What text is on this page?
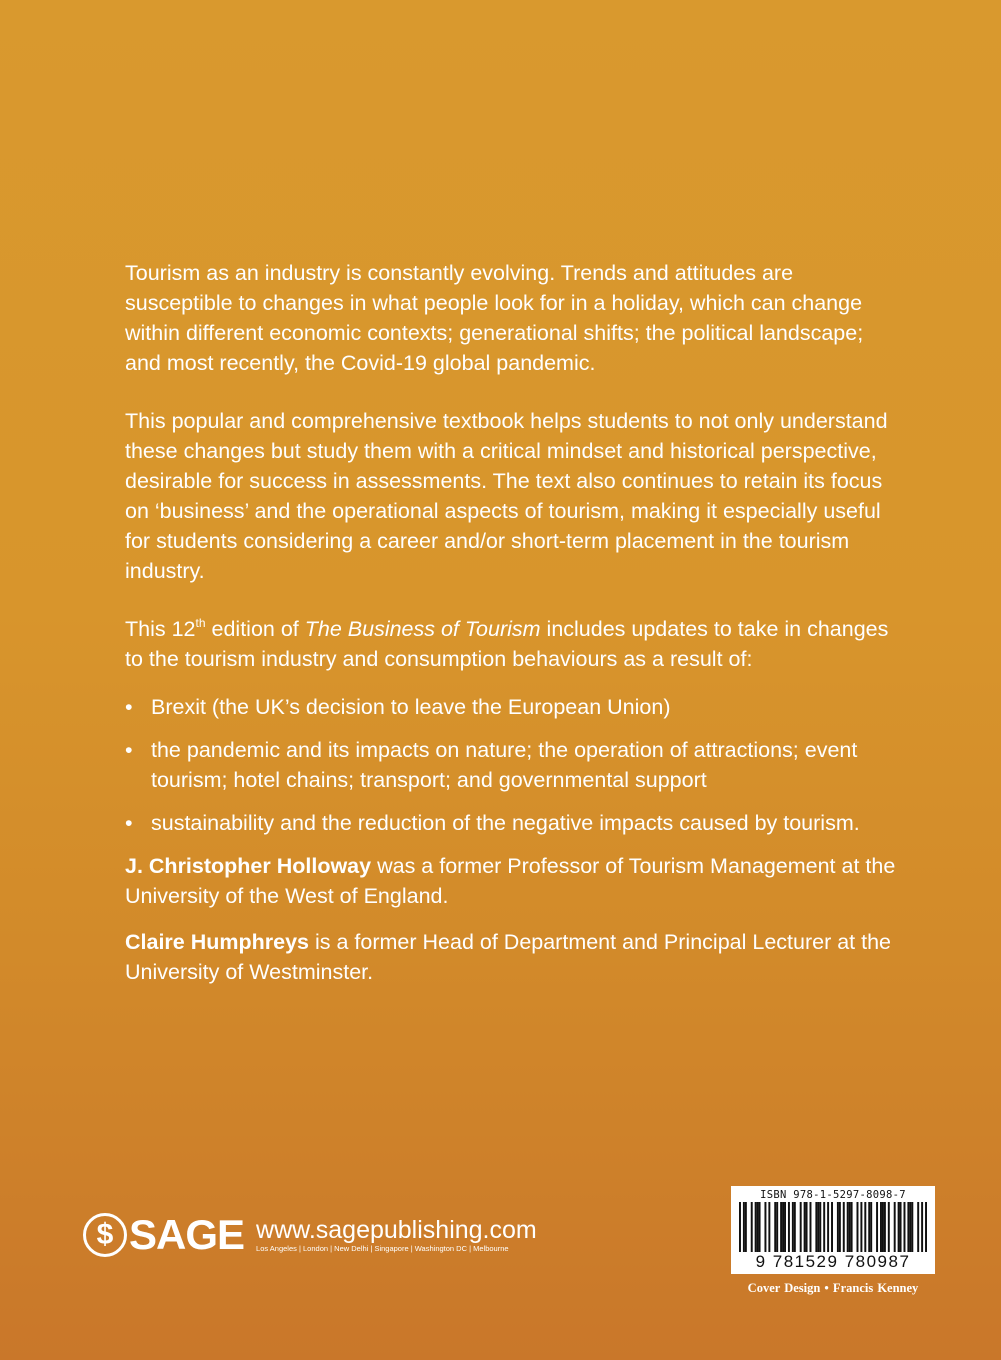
Tourism as an industry is constantly evolving. Trends and attitudes are susceptible to changes in what people look for in a holiday, which can change within different economic contexts; generational shifts; the political landscape; and most recently, the Covid-19 global pandemic.

This popular and comprehensive textbook helps students to not only understand these changes but study them with a critical mindset and historical perspective, desirable for success in assessments. The text also continues to retain its focus on ‘business’ and the operational aspects of tourism, making it especially useful for students considering a career and/or short-term placement in the tourism industry.

This 12th edition of The Business of Tourism includes updates to take in changes to the tourism industry and consumption behaviours as a result of:

• Brexit (the UK’s decision to leave the European Union)
• the pandemic and its impacts on nature; the operation of attractions; event tourism; hotel chains; transport; and governmental support
• sustainability and the reduction of the negative impacts caused by tourism.

J. Christopher Holloway was a former Professor of Tourism Management at the University of the West of England.

Claire Humphreys is a former Head of Department and Principal Lecturer at the University of Westminster.

$ SAGE www.sagepublishing.com
Los Angeles | London | New Delhi | Singapore | Washington DC | Melbourne
ISBN 978-1-5297-8098-7
9 781529 780987
Cover Design • Francis Kenney
